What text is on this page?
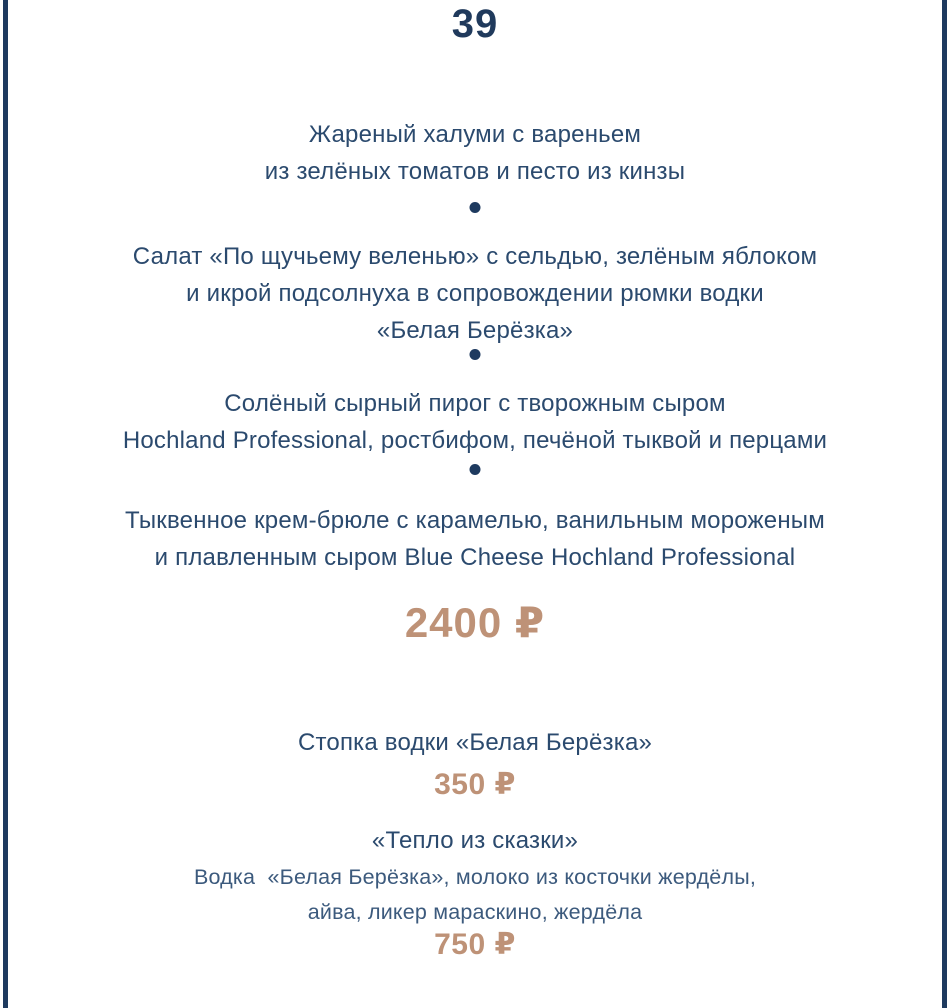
39
Жареный халуми с вареньем
из зелёных томатов и песто из кинзы
Салат «По щучьему веленью» с сельдью, зелёным яблоком
и икрой подсолнуха в сопровождении рюмки водки
«Белая Берёзка»
Солёный сырный пирог с творожным сыром
Hochland Professional, ростбифом, печёной тыквой и перцами
Тыквенное крем-брюле с карамелью, ванильным мороженым
и плавленным сыром Blue Cheese Hochland Professional
2400 ₽
Стопка водки «Белая Берёзка»
350 ₽
«Тепло из сказки»
Водка  «Белая Берёзка», молоко из косточки жердёлы,
айва, ликер мараскино, жердёла
750 ₽
